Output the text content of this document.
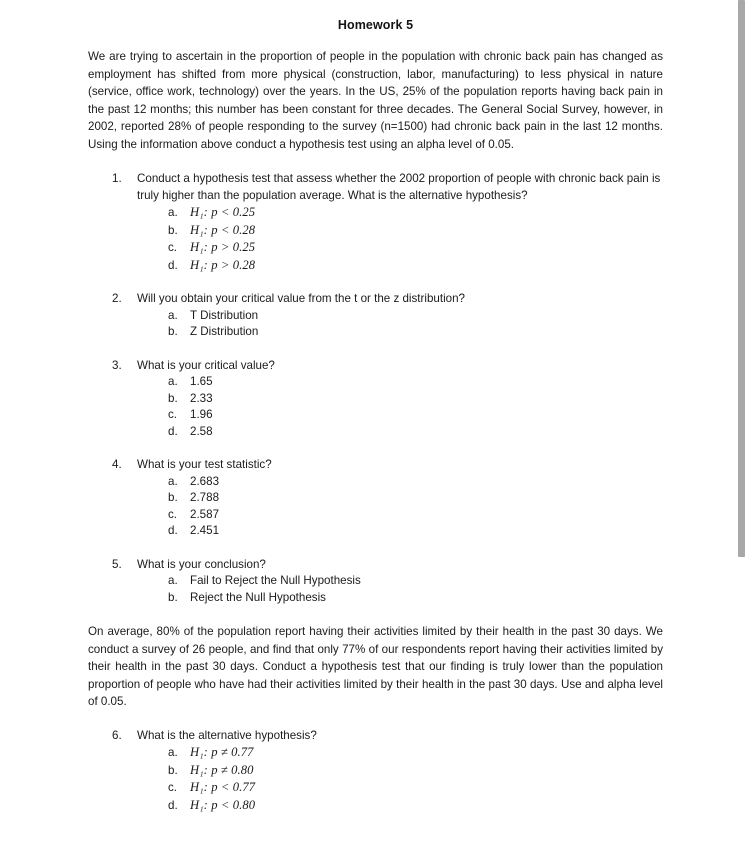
Homework 5

We are trying to ascertain in the proportion of people in the population with chronic back pain has changed as employment has shifted from more physical (construction, labor, manufacturing) to less physical in nature (service, office work, technology) over the years. In the US, 25% of the population reports having back pain in the past 12 months; this number has been constant for three decades. The General Social Survey, however, in 2002, reported 28% of people responding to the survey (n=1500) had chronic back pain in the last 12 months. Using the information above conduct a hypothesis test using an alpha level of 0.05.

1.	Conduct a hypothesis test that assess whether the 2002 proportion of people with chronic back pain is truly higher than the population average. What is the alternative hypothesis?
a. H₁: p < 0.25
b. H₁: p < 0.28
c.	H₁: p > 0.25
d. H₁: p > 0.28
2.	Will you obtain your critical value from the t or the z distribution?
a.	T Distribution
b.	Z Distribution
3.	What is your critical value?
a.	1.65
b.	2.33
c.	1.96
d.	2.58
4.	What is your test statistic?
a.	2.683
b.	2.788
c.	2.587
d.	2.451
5.	What is your conclusion?
a.	Fail to Reject the Null Hypothesis
b.	Reject the Null Hypothesis

On average, 80% of the population report having their activities limited by their health in the past 30 days. We conduct a survey of 26 people, and find that only 77% of our respondents report having their activities limited by their health in the past 30 days. Conduct a hypothesis test that our finding is truly lower than the population proportion of people who have had their activities limited by their health in the past 30 days. Use and alpha level of 0.05.

6.	What is the alternative hypothesis?
a. H₁: p ≠ 0.77
b. H₁: p ≠ 0.80
c.	H₁: p < 0.77
d. H₁: p < 0.80
